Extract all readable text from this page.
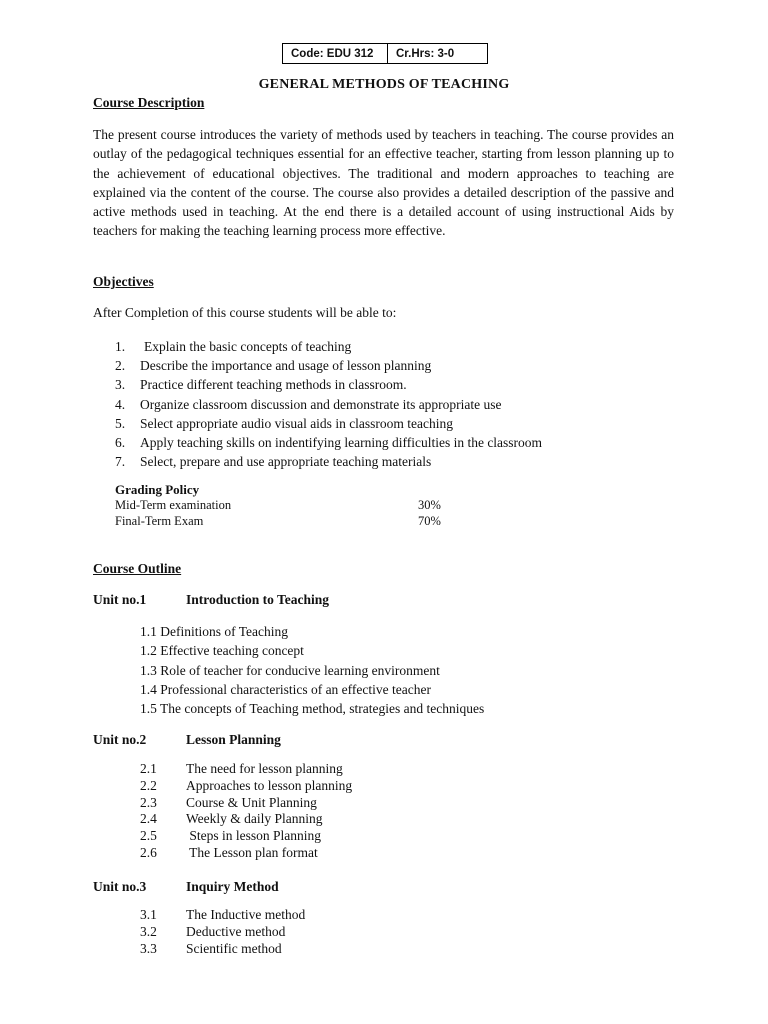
Code: EDU 312	Cr.Hrs: 3-0
GENERAL METHODS OF TEACHING
Course Description
The present course introduces the variety of methods used by teachers in teaching. The course provides an outlay of the pedagogical techniques essential for an effective teacher, starting from lesson planning up to the achievement of educational objectives. The traditional and modern approaches to teaching are explained via the content of the course. The course also provides a detailed description of the passive and active methods used in teaching. At the end there is a detailed account of using instructional Aids by teachers for making the teaching learning process more effective.
Objectives
After Completion of this course students will be able to:
1.	Explain the basic concepts of teaching
2.	Describe the importance and usage of lesson planning
3.	Practice different teaching methods in classroom.
4.	Organize classroom discussion and demonstrate its appropriate use
5.	Select appropriate audio visual aids in classroom teaching
6.	Apply teaching skills on indentifying learning difficulties in the classroom
7.	Select, prepare and use appropriate teaching materials
Grading Policy
Mid-Term examination	30%
Final-Term Exam	70%
Course Outline
Unit no.1	Introduction to Teaching
1.1 Definitions of Teaching
1.2 Effective teaching concept
1.3 Role of teacher for conducive learning environment
1.4 Professional characteristics of an effective teacher
1.5 The concepts of Teaching method, strategies and techniques
Unit no.2	Lesson Planning
2.1	The need for lesson planning
2.2	Approaches to lesson planning
2.3	Course & Unit Planning
2.4	Weekly & daily Planning
2.5	Steps in lesson Planning
2.6	The Lesson plan format
Unit no.3	Inquiry Method
3.1	The Inductive method
3.2	Deductive method
3.3	Scientific method
